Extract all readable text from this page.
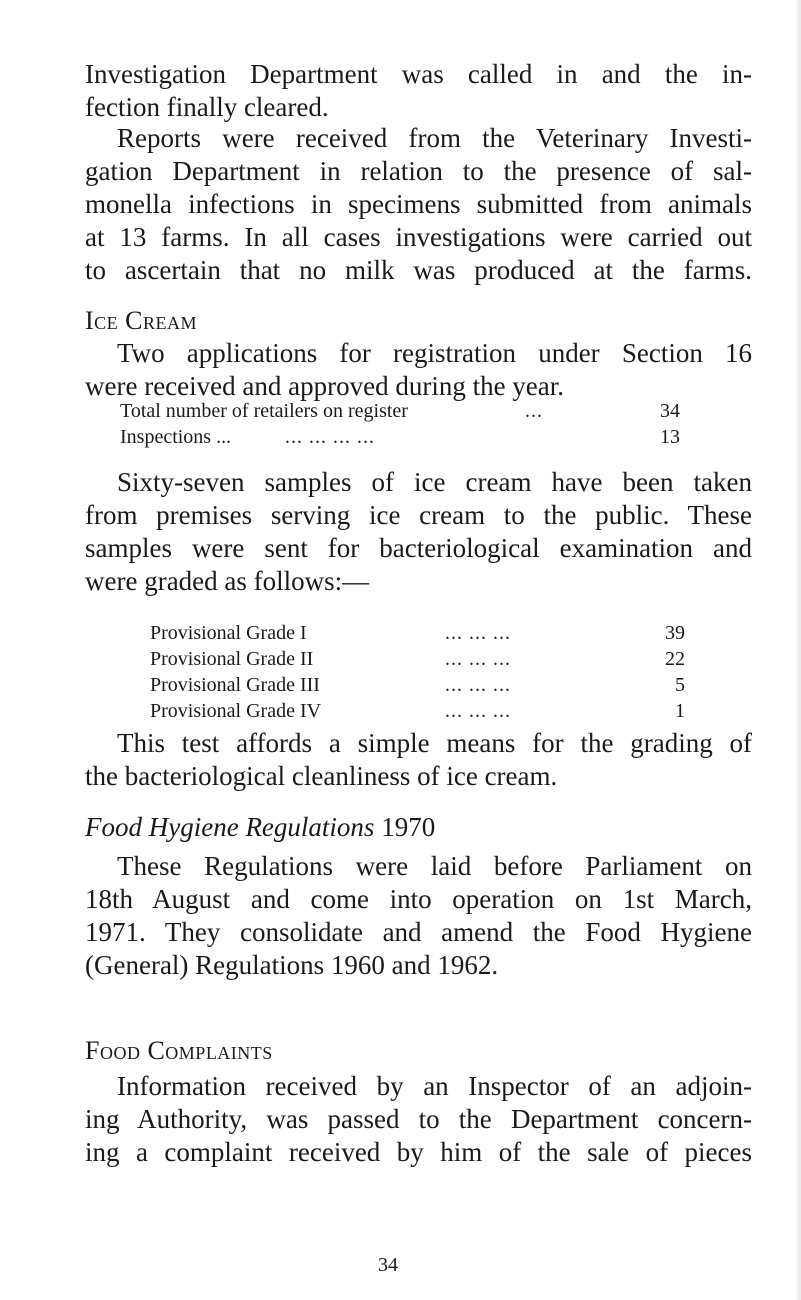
Investigation Department was called in and the in-
fection finally cleared.

Reports were received from the Veterinary Investi-
gation Department in relation to the presence of sal-
monella infections in specimens submitted from animals
at 13 farms. In all cases investigations were carried out
to ascertain that no milk was produced at the farms.

Ice Cream

Two applications for registration under Section 16
were received and approved during the year.

Total number of retailers on register	...	34
Inspections ...	... ... ... ...	13

Sixty-seven samples of ice cream have been taken
from premises serving ice cream to the public. These
samples were sent for bacteriological examination and
were graded as follows:—

Provisional Grade I	... ... ...	39
Provisional Grade II	... ... ...	22
Provisional Grade III	... ... ...	5
Provisional Grade IV	... ... ...	1

This test affords a simple means for the grading of
the bacteriological cleanliness of ice cream.

Food Hygiene Regulations 1970

These Regulations were laid before Parliament on
18th August and come into operation on 1st March,
1971. They consolidate and amend the Food Hygiene
(General) Regulations 1960 and 1962.

Food Complaints

Information received by an Inspector of an adjoin-
ing Authority, was passed to the Department concern-
ing a complaint received by him of the sale of pieces

34
